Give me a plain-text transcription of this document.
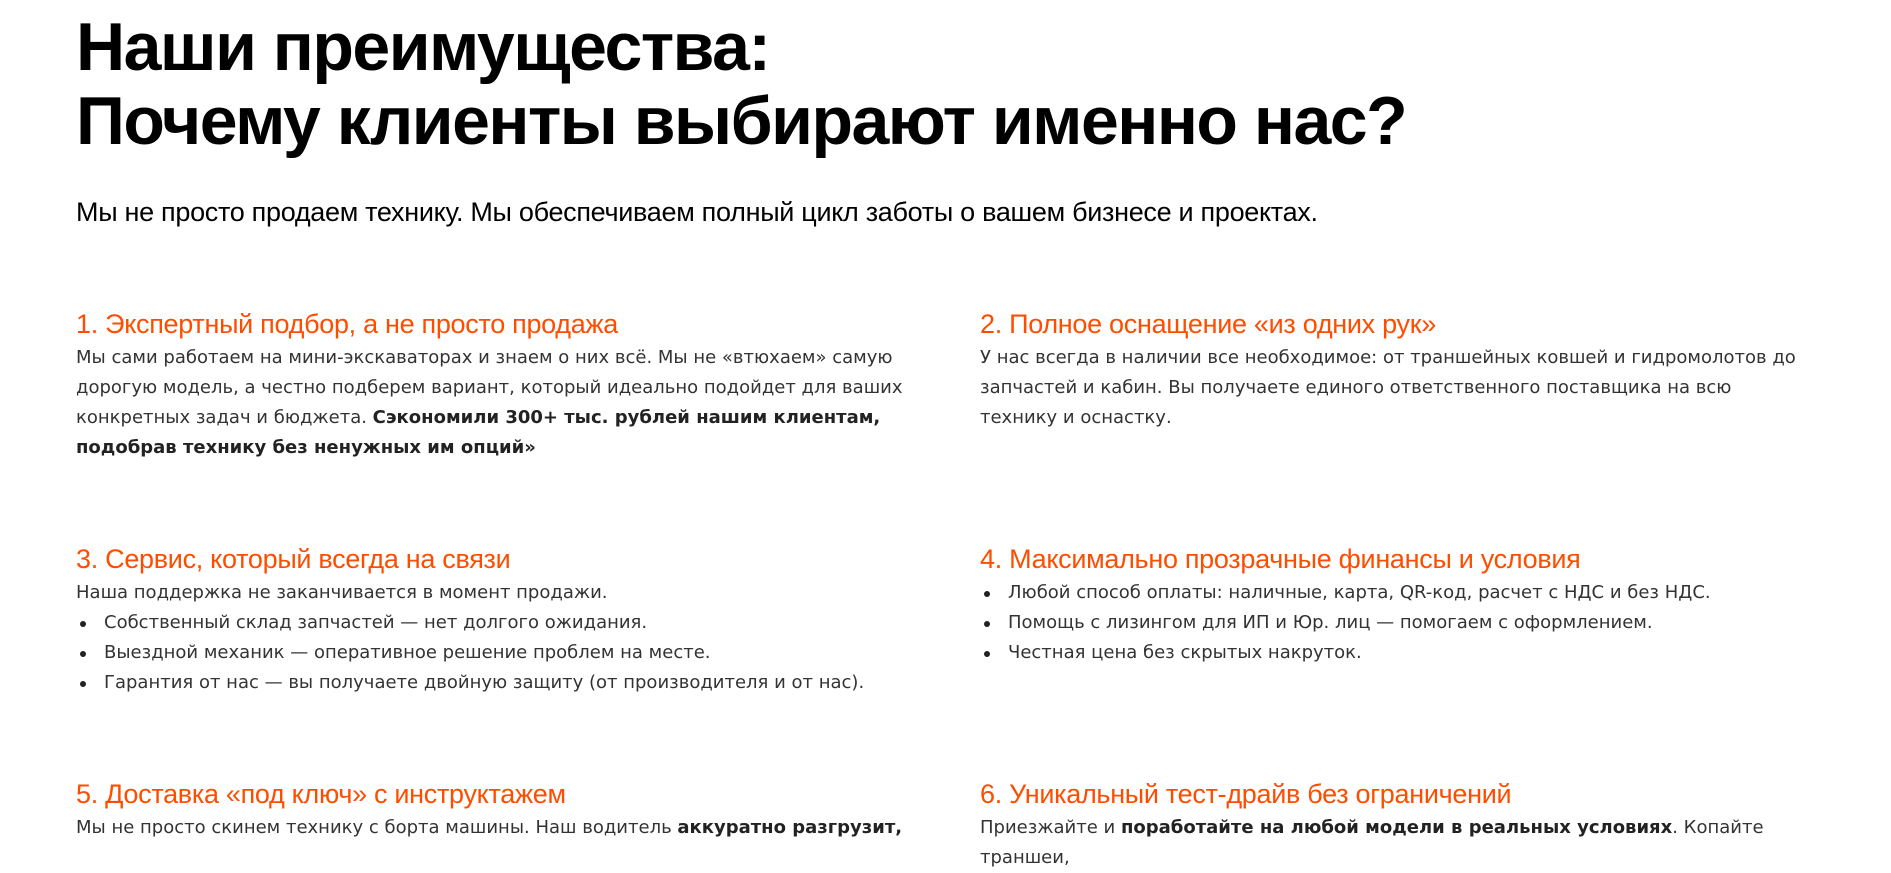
Наши преимущества:
Почему клиенты выбирают именно нас?

Мы не просто продаем технику. Мы обеспечиваем полный цикл заботы о вашем бизнесе и проектах.

1. Экспертный подбор, а не просто продажа

Мы сами работаем на мини-экскаваторах и знаем о них всё. Мы не «втюхаем» самую дорогую модель, а честно подберем вариант, который идеально подойдет для ваших конкретных задач и бюджета. Сэкономили 300+ тыс. рублей нашим клиентам, подобрав технику без ненужных им опций»

2. Полное оснащение «из одних рук»

У нас всегда в наличии все необходимое: от траншейных ковшей и гидромолотов до запчастей и кабин. Вы получаете единого ответственного поставщика на всю технику и оснастку.

3. Сервис, который всегда на связи

Наша поддержка не заканчивается в момент продажи.

Собственный склад запчастей — нет долгого ожидания.
Выездной механик — оперативное решение проблем на месте.
Гарантия от нас — вы получаете двойную защиту (от производителя и от нас).
4. Максимально прозрачные финансы и условия
Любой способ оплаты: наличные, карта, QR-код, расчет с НДС и без НДС.
Помощь с лизингом для ИП и Юр. лиц — помогаем с оформлением.
Честная цена без скрытых накруток.
5. Доставка «под ключ» с инструктажем

Мы не просто скинем технику с борта машины. Наш водитель аккуратно разгрузит,

6. Уникальный тест-драйв без ограничений

Приезжайте и поработайте на любой модели в реальных условиях. Копайте траншеи,
